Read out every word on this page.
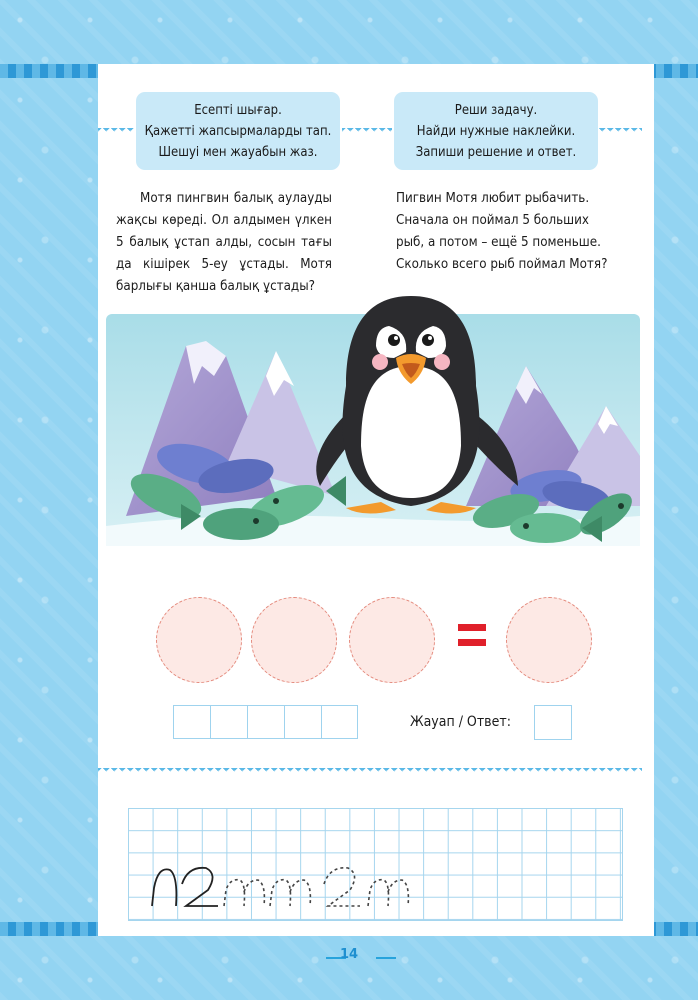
Есепті шығар.
Қажетті жапсырмаларды тап.
Шешуі мен жауабын жаз.
Реши задачу.
Найди нужные наклейки.
Запиши решение и ответ.

Мотя пингвин балық аулауды жақсы көреді. Ол алдымен үлкен 5 балық ұстап алды, сосын тағы да кішірек 5-еу ұстады. Мотя барлығы қанша балық ұстады?

Пигвин Мотя любит рыбачить. Сначала он поймал 5 больших рыб, а потом – ещё 5 поменьше. Сколько всего рыб поймал Мотя?

Жауап / Ответ:
14
